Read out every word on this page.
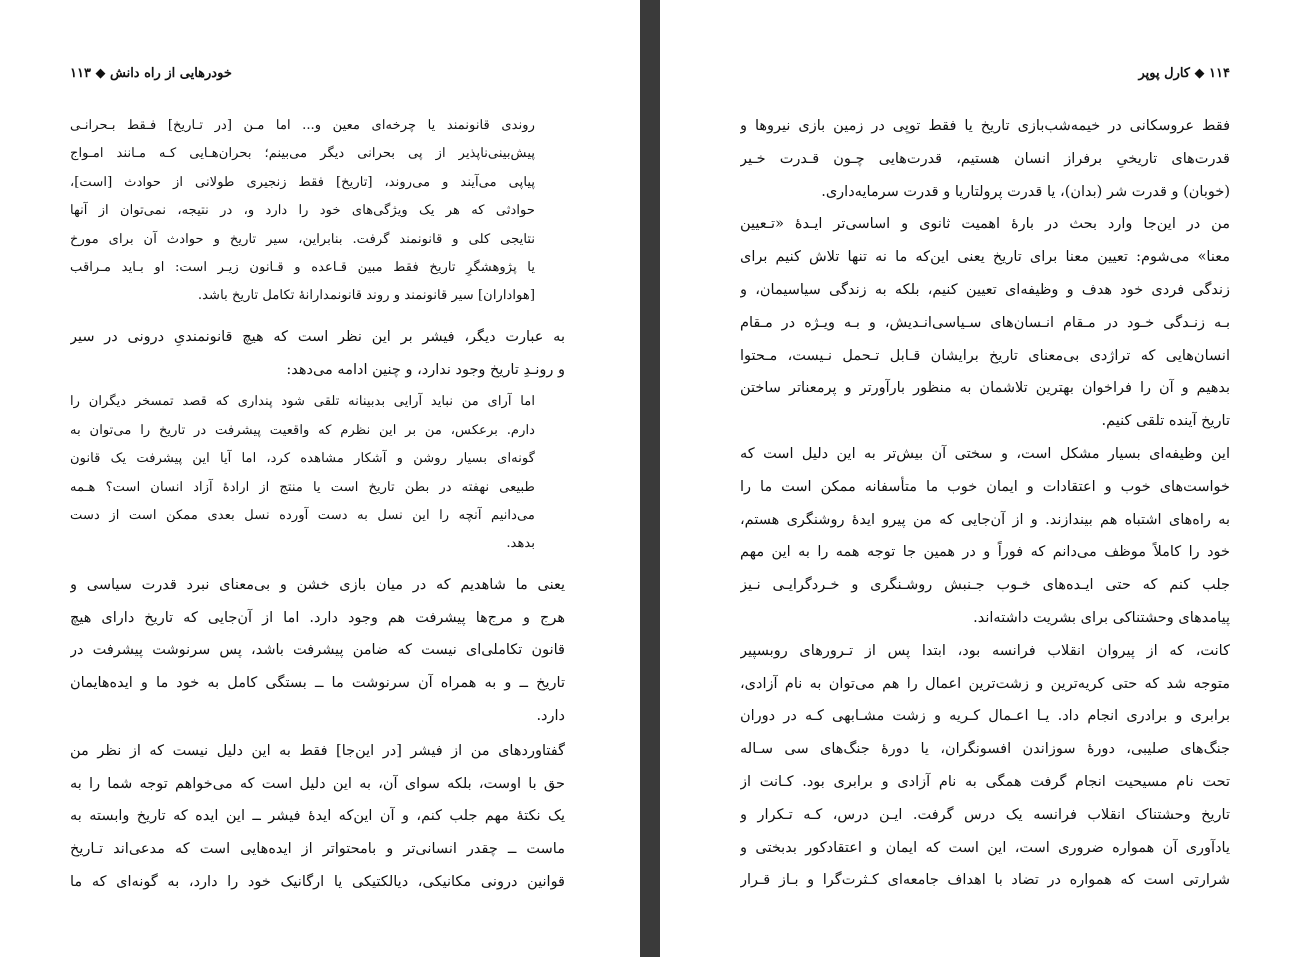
خودرهایی از راه دانش ◆ ۱۱۳
روندی قانونمند یا چرخه‌ای معین و... اما مـن [در تـاریخ] فـقط بـحرانـی
پیش‌بینی‌ناپذیر از پی بحرانی دیگر می‌بینم؛ بحران‌هـایی کـه مـانند امـواج
پیاپی می‌آیند و می‌روند، [تاریخ] فقط زنجیری طولانی از حوادث [است]،
حوادثی که هر یک ویژگی‌های خود را دارد و، در نتیجه، نمی‌توان از آنها
نتایجی کلی و قانونمند گرفت. بنابراین، سیر تاریخ و حوادث آن برای مورخ
یا پژوهشگرِ تاریخ فقط مبین قـاعده و قـانون زیـر است: او بـاید مـراقب
[هواداران] سیر قانونمند و روند قانونمدارانهٔ تکامل تاریخ باشد.
به عبارت دیگر، فیشر بر این نظر است که هیچ قانونمندیِ درونی در سیر
و رونـدِ تاریخ وجود ندارد، و چنین ادامه می‌دهد:
اما آرای من نباید آرایی بدبینانه تلقی شود پنداری که قصد تمسخر دیگران را
دارم. برعکس، من بر این نظرم که واقعیت پیشرفت در تاریخ را می‌توان به
گونه‌ای بسیار روشن و آشکار مشاهده کرد، اما آیا این پیشرفت یک قانون
طبیعی نهفته در بطن تاریخ است یا منتج از ارادهٔ آزاد انسان است؟ هـمه
می‌دانیم آنچه را این نسل به دست آورده نسل بعدی ممکن است از دست
بدهد.
یعنی ما شاهدیم که در میان بازی خشن و بی‌معنای نبرد قدرت سیاسی و
هرج و مرج‌ها پیشرفت هم وجود دارد. اما از آن‌جایی که تاریخ دارای هیچ
قانون تکاملی‌ای نیست که ضامن پیشرفت باشد، پس سرنوشت پیشرفت در
تاریخ ــ و به همراه آن سرنوشت ما ــ بستگی کامل به خود ما و ایده‌هایمان
دارد.
گفتاوردهای من از فیشر [در این‌جا] فقط به این دلیل نیست که از نظر من
حق با اوست، بلکه سوای آن، به این دلیل است که می‌خواهم توجه شما را به
یک نکتهٔ مهم جلب کنم، و آن این‌که ایدهٔ فیشر ــ این ایده که تاریخ وابسته به
ماست ــ چقدر انسانی‌تر و بامحتواتر از ایده‌هایی است که مدعی‌اند تـاریخ
قوانین درونی مکانیکی، دیالکتیکی یا ارگانیک خود را دارد، به گونه‌ای که ما
۱۱۴ ◆ کارل پوپر
فقط عروسکانی در خیمه‌شب‌بازی تاریخ یا فقط توپی در زمین بازی نیروها و
قدرت‌های تاریخیِ برفراز انسان هستیم، قدرت‌هایی چـون قـدرت خـیر
(خوبان) و قدرت شر (بدان)، یا قدرت پرولتاریا و قدرت سرمایه‌داری.
من در این‌جا وارد بحث در بارهٔ اهمیت ثانوی و اساسی‌تر ایـدهٔ «تـعیین
معنا» می‌شوم: تعیین معنا برای تاریخ یعنی این‌که ما نه تنها تلاش کنیم برای
زندگی فردی خود هدف و وظیفه‌ای تعیین کنیم، بلکه به زندگی سیاسیمان، و
بـه زنـدگی خـود در مـقام انـسان‌های سـیاسی‌انـدیش، و بـه ویـژه در مـقام
انسان‌هایی که تراژدی بی‌معنای تاریخ برایشان قـابل تـحمل نـیست، مـحتوا
بدهیم و آن را فراخوان بهترین تلاشمان به منظور بارآورتر و پرمعناتر ساختن
تاریخ آینده تلقی کنیم.
این وظیفه‌ای بسیار مشکل است، و سختی آن بیش‌تر به این دلیل است که
خواست‌های خوب و اعتقادات و ایمان خوب ما متأسفانه ممکن است ما را
به راه‌های اشتباه هم بیندازند. و از آن‌جایی که من پیرو ایدهٔ روشنگری هستم،
خود را کاملاً موظف می‌دانم که فوراً و در همین جا توجه همه را به این مهم
جلب کنم که حتی ایـده‌های خـوب جـنبش روشـنگری و خـردگرایـی نـیز
پیامدهای وحشتناکی برای بشریت داشته‌اند.
کانت، که از پیروان انقلاب فرانسه بود، ابتدا پس از تـرورهای روبسپیر
متوجه شد که حتی کریه‌ترین و زشت‌ترین اعمال را هم می‌توان به نام آزادی،
برابری و برادری انجام داد. یـا اعـمال کـریه و زشت مشـابهی کـه در دوران
جنگ‌های صلیبی، دورهٔ سوزاندن افسونگران، یا دورهٔ جنگ‌های سی سـاله
تحت نام مسیحیت انجام گرفت همگی به نام آزادی و برابری بود. کـانت از
تاریخ وحشتناک انقلاب فرانسه یک درس گرفت. ایـن درس، کـه تـکرار و
یادآوری آن همواره ضروری است، این است که ایمان و اعتقادکور بدبختی و
شرارتی است که همواره در تضاد با اهداف جامعه‌ای کـثرت‌گرا و بـاز قـرار
